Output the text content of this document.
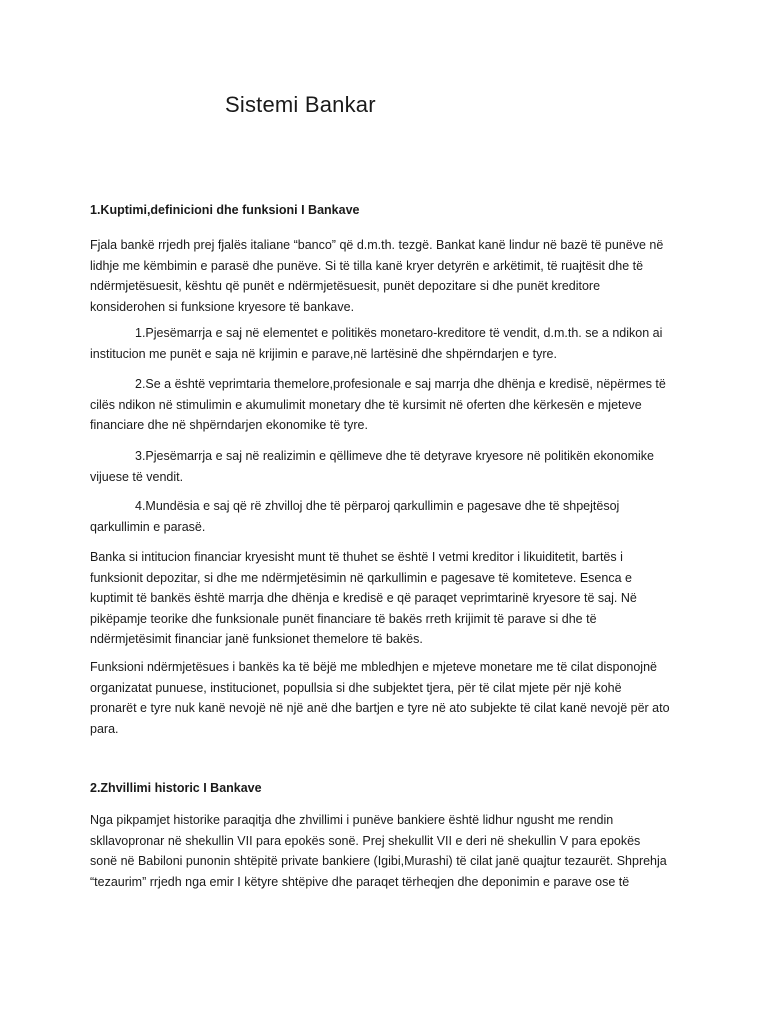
Sistemi Bankar
1.Kuptimi,definicioni dhe funksioni I Bankave

Fjala bankë rrjedh prej fjalës italiane “banco” që d.m.th. tezgë. Bankat kanë lindur në bazë të punëve në lidhje me këmbimin e parasë dhe punëve. Si të tilla kanë kryer detyrën e arkëtimit, të ruajtësit dhe të ndërmjetësuesit, kështu që punët e ndërmjetësuesit, punët depozitare si dhe punët kreditore konsiderohen si funksione kryesore të bankave.

1.Pjesëmarrja e saj në elementet e politikës monetaro-kreditore të vendit, d.m.th. se a ndikon ai institucion me punët e saja në krijimin e parave,në lartësinë dhe shpërndarjen e tyre.

2.Se a është veprimtaria themelore,profesionale e saj marrja dhe dhënja e kredisë, nëpërmes të cilës ndikon në stimulimin e akumulimit monetary dhe të kursimit në oferten dhe kërkesën e mjeteve financiare dhe në shpërndarjen ekonomike të tyre.

3.Pjesëmarrja e saj në realizimin e qëllimeve dhe të detyrave kryesore në politikën ekonomike vijuese të vendit.

4.Mundësia e saj që rë zhvilloj dhe të përparoj qarkullimin e pagesave dhe të shpejtësoj qarkullimin e parasë.

Banka si intitucion financiar kryesisht munt të thuhet se është I vetmi kreditor i likuiditetit, bartës i funksionit depozitar, si dhe me ndërmjetësimin në qarkullimin e pagesave të komiteteve. Esenca e kuptimit të bankës është marrja dhe dhënja e kredisë e që paraqet veprimtarinë kryesore të saj. Në pikëpamje teorike dhe funksionale punët financiare të bakës rreth krijimit të parave si dhe të ndërmjetësimit financiar janë funksionet themelore të bakës.

Funksioni ndërmjetësues i bankës ka të bëjë me mbledhjen e mjeteve monetare me të cilat disponojnë organizatat punuese, institucionet, popullsia si dhe subjektet tjera, për të cilat mjete për një kohë pronarët e tyre nuk kanë nevojë në një anë dhe bartjen e tyre në ato subjekte të cilat kanë nevojë për ato para.

2.Zhvillimi historic I Bankave

Nga pikpamjet historike paraqitja dhe zhvillimi i punëve bankiere është lidhur ngusht me rendin skllavopronar në shekullin VII para epokës sonë. Prej shekullit VII e deri në shekullin V para epokës sonë në Babiloni punonin shtëpitë private bankiere (Igibi,Murashi) të cilat janë quajtur tezaurët. Shprehja “tezaurim” rrjedh nga emir I këtyre shtëpive dhe paraqet tërheqjen dhe deponimin e parave ose të
